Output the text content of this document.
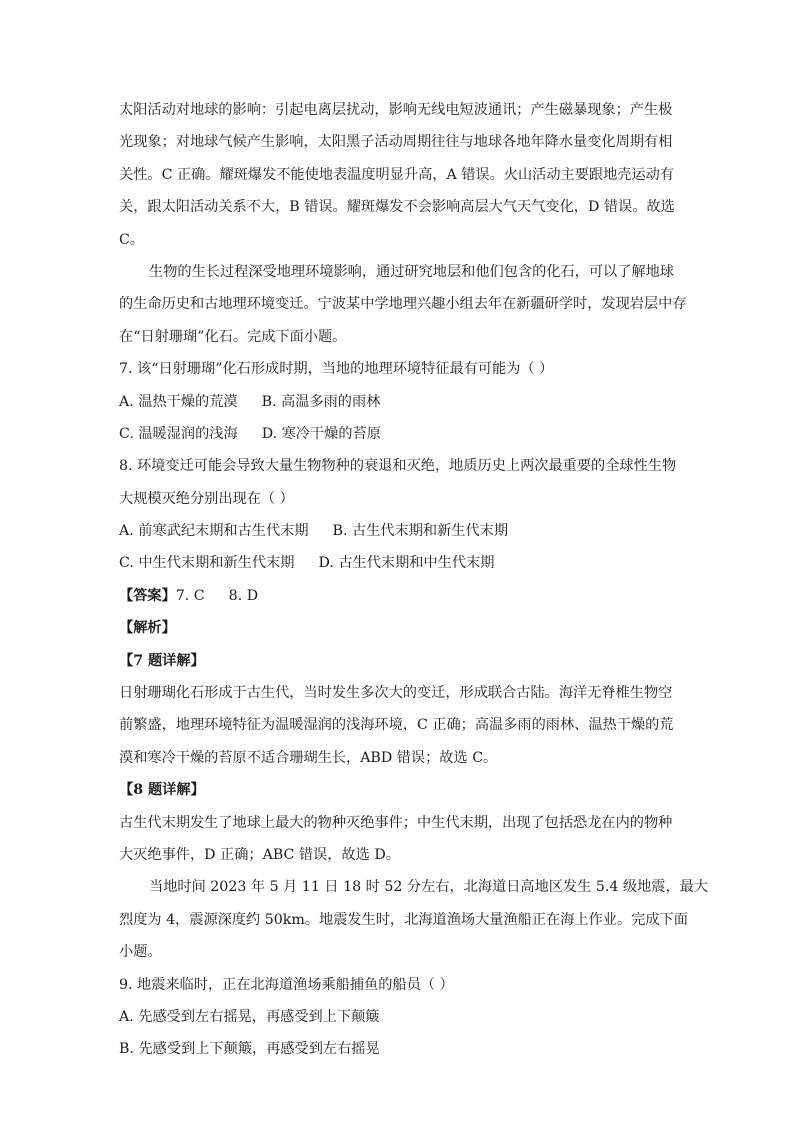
太阳活动对地球的影响：引起电离层扰动，影响无线电短波通讯；产生磁暴现象；产生极
光现象；对地球气候产生影响，太阳黑子活动周期往往与地球各地年降水量变化周期有相
关性。C 正确。耀斑爆发不能使地表温度明显升高，A 错误。火山活动主要跟地壳运动有
关，跟太阳活动关系不大，B 错误。耀斑爆发不会影响高层大气天气变化，D 错误。故选
C。
生物的生长过程深受地理环境影响，通过研究地层和他们包含的化石，可以了解地球
的生命历史和古地理环境变迁。宁波某中学地理兴趣小组去年在新疆研学时，发现岩层中存
在“日射珊瑚”化石。完成下面小题。
7. 该“日射珊瑚”化石形成时期，当地的地理环境特征最有可能为（ ）
A. 温热干燥的荒漠 B. 高温多雨的雨林
C. 温暖湿润的浅海 D. 寒冷干燥的苔原
8. 环境变迁可能会导致大量生物物种的衰退和灭绝，地质历史上两次最重要的全球性生物
大规模灭绝分别出现在（ ）
A. 前寒武纪末期和古生代末期 B. 古生代末期和新生代末期
C. 中生代末期和新生代末期 D. 古生代末期和中生代末期
【答案】7. C 8. D
【解析】
【7 题详解】
日射珊瑚化石形成于古生代，当时发生多次大的变迁，形成联合古陆。海洋无脊椎生物空
前繁盛，地理环境特征为温暖湿润的浅海环境，C 正确；高温多雨的雨林、温热干燥的荒
漠和寒冷干燥的苔原不适合珊瑚生长，ABD 错误；故选 C。
【8 题详解】
古生代末期发生了地球上最大的物种灭绝事件；中生代末期，出现了包括恐龙在内的物种
大灭绝事件，D 正确；ABC 错误，故选 D。
当地时间 2023 年 5 月 11 日 18 时 52 分左右，北海道日高地区发生 5.4 级地震，最大
烈度为 4，震源深度约 50km。地震发生时，北海道渔场大量渔船正在海上作业。完成下面
小题。
9. 地震来临时，正在北海道渔场乘船捕鱼的船员（ ）
A. 先感受到左右摇晃，再感受到上下颠簸
B. 先感受到上下颠簸，再感受到左右摇晃
